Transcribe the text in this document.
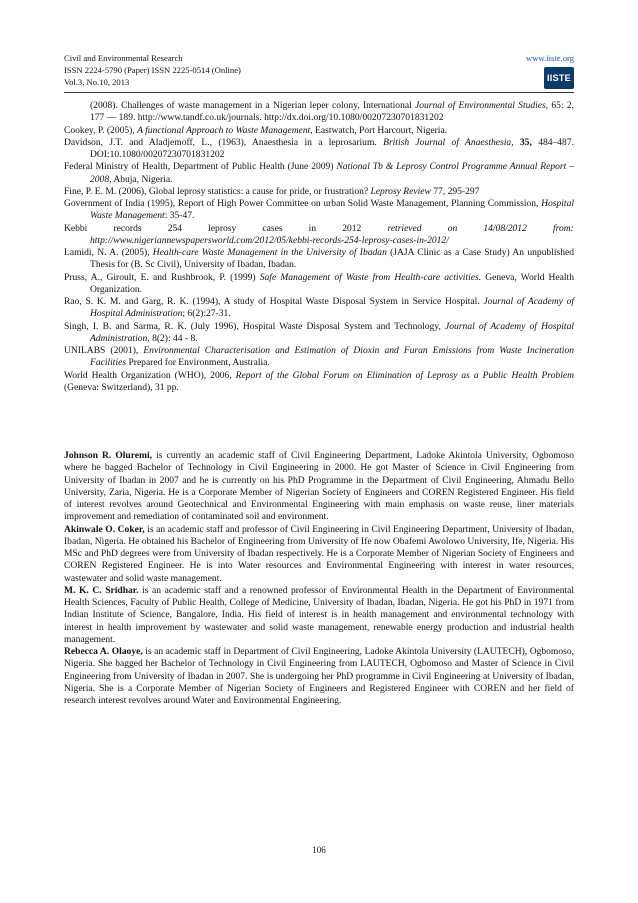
Civil and Environmental Research
ISSN 2224-5790 (Paper) ISSN 2225-0514 (Online)
Vol.3, No.10, 2013
www.iiste.org
IISTE
(2008). Challenges of waste management in a Nigerian leper colony, International Journal of Environmental Studies, 65: 2, 177 — 189. http://www.tandf.co.uk/journals. http://dx.doi.org/10.1080/00207230701831202
Cookey, P. (2005), A functional Approach to Waste Management, Eastwatch, Port Harcourt, Nigeria.
Davidson, J.T. and Aladjemoff, L., (1963), Anaesthesia in a leprosarium. British Journal of Anaesthesia, 35, 484–487. DOI:10.1080/00207230701831202
Federal Ministry of Health, Department of Public Health (June 2009) National Tb & Leprosy Control Programme Annual Report – 2008, Abuja, Nigeria.
Fine, P. E. M. (2006), Global leprosy statistics: a cause for pride, or frustration? Leprosy Review 77, 295-297
Government of India (1995), Report of High Power Committee on urban Solid Waste Management, Planning Commission, Hospital Waste Management: 35-47.
Kebbi	records	254	leprosy	cases	in	2012	retrieved	on	14/08/2012	from:
http://www.nigeriannewspapersworld.com/2012/05/kebbi-records-254-leprosy-cases-in-2012/
Lamidi, N. A. (2005), Health-care Waste Management in the University of Ibadan (JAJA Clinic as a Case Study) An unpublished Thesis for (B. Sc Civil), University of Ibadan, Ibadan.
Pruss, A., Giroult, E. and Rushbrook, P. (1999) Safe Management of Waste from Health-care activities. Geneva, World Health Organization.
Rao, S. K. M. and Garg, R. K. (1994), A study of Hospital Waste Disposal System in Service Hospital. Journal of Academy of Hospital Administration; 6(2):27-31.
Singh, I. B. and Sarma, R. K. (July 1996), Hospital Waste Disposal System and Technology, Journal of Academy of Hospital Administration, 8(2): 44 - 8.
UNILABS (2001), Environmental Characterisation and Estimation of Dioxin and Furan Emissions from Waste Incineration Facilities Prepared for Environment, Australia.
World Health Organization (WHO), 2006, Report of the Global Forum on Elimination of Leprosy as a Public Health Problem (Geneva: Switzerland), 31 pp.
Johnson R. Oluremi, is currently an academic staff of Civil Engineering Department, Ladoke Akintola University, Ogbomoso where he bagged Bachelor of Technology in Civil Engineering in 2000. He got Master of Science in Civil Engineering from University of Ibadan in 2007 and he is currently on his PhD Programme in the Department of Civil Engineering, Ahmadu Bello University, Zaria, Nigeria. He is a Corporate Member of Nigerian Society of Engineers and COREN Registered Engineer. His field of interest revolves around Geotechnical and Environmental Engineering with main emphasis on waste reuse, liner materials improvement and remediation of contaminated soil and environment.
Akinwale O. Coker, is an academic staff and professor of Civil Engineering in Civil Engineering Department, University of Ibadan, Ibadan, Nigeria. He obtained his Bachelor of Engineering from University of Ife now Obafemi Awolowo University, Ife, Nigeria. His MSc and PhD degrees were from University of Ibadan respectively. He is a Corporate Member of Nigerian Society of Engineers and COREN Registered Engineer. He is into Water resources and Environmental Engineering with interest in water resources, wastewater and solid waste management.
M. K. C. Sridhar. is an academic staff and a renowned professor of Environmental Health in the Department of Environmental Health Sciences, Faculty of Public Health, College of Medicine, University of Ibadan, Ibadan, Nigeria. He got his PhD in 1971 from Indian Institute of Science, Bangalore, India. His field of interest is in health management and environmental technology with interest in health improvement by wastewater and solid waste management, renewable energy production and industrial health management.
Rebecca A. Olaoye, is an academic staff in Department of Civil Engineering, Ladoke Akintola University (LAUTECH), Ogbomoso, Nigeria. She bagged her Bachelor of Technology in Civil Engineering from LAUTECH, Ogbomoso and Master of Science in Civil Engineering from University of Ibadan in 2007. She is undergoing her PhD programme in Civil Engineering at University of Ibadan, Nigeria. She is a Corporate Member of Nigerian Society of Engineers and Registered Engineer with COREN and her field of research interest revolves around Water and Environmental Engineering.
106
